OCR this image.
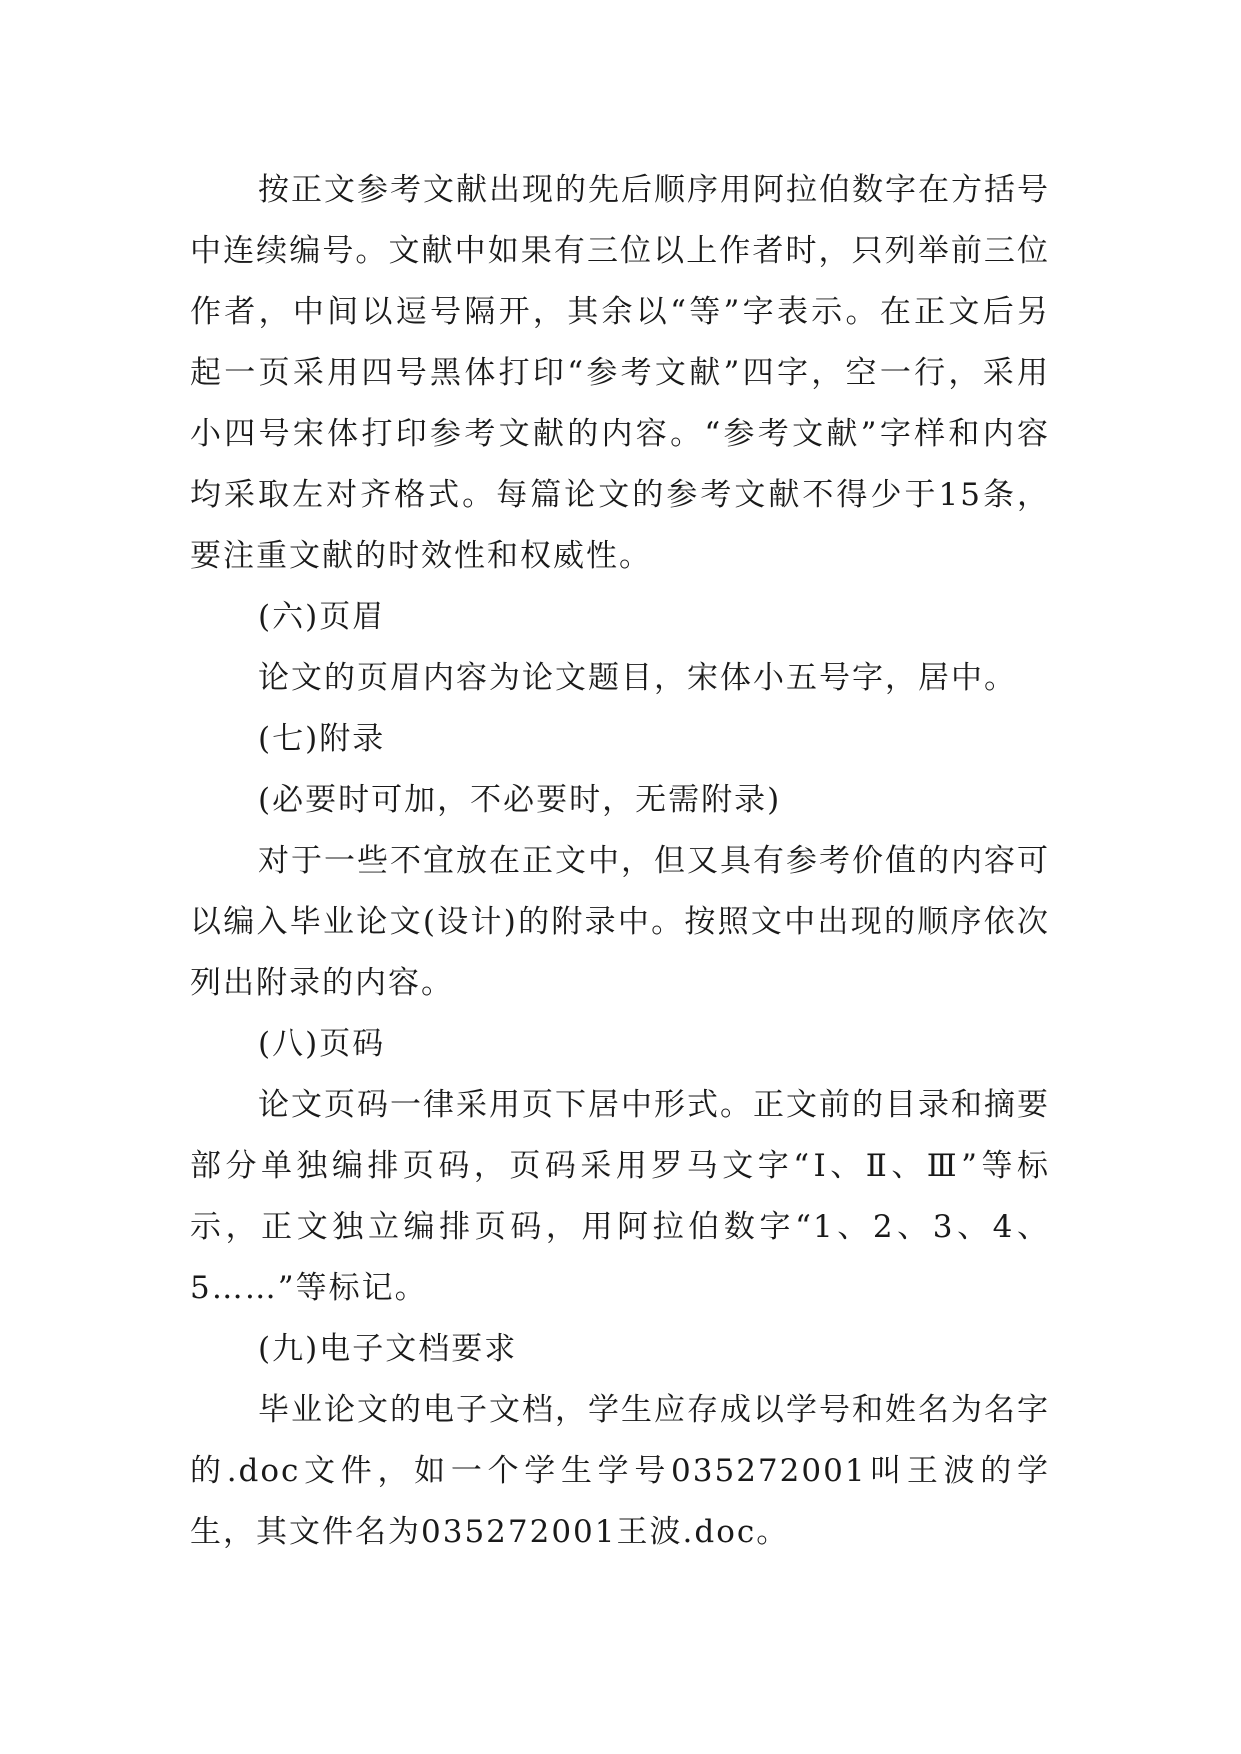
按正文参考文献出现的先后顺序用阿拉伯数字在方括号中连续编号。文献中如果有三位以上作者时，只列举前三位作者，中间以逗号隔开，其余以“等”字表示。在正文后另起一页采用四号黑体打印“参考文献”四字，空一行，采用小四号宋体打印参考文献的内容。“参考文献”字样和内容均采取左对齐格式。每篇论文的参考文献不得少于15条，要注重文献的时效性和权威性。

(六)页眉

论文的页眉内容为论文题目，宋体小五号字，居中。

(七)附录

(必要时可加，不必要时，无需附录)

对于一些不宜放在正文中，但又具有参考价值的内容可以编入毕业论文(设计)的附录中。按照文中出现的顺序依次列出附录的内容。

(八)页码

论文页码一律采用页下居中形式。正文前的目录和摘要部分单独编排页码，页码采用罗马文字“Ⅰ、Ⅱ、Ⅲ”等标示，正文独立编排页码，用阿拉伯数字“1、2、3、4、5……”等标记。

(九)电子文档要求

毕业论文的电子文档，学生应存成以学号和姓名为名字的.doc文件，如一个学生学号035272001叫王波的学生，其文件名为035272001王波.doc。
